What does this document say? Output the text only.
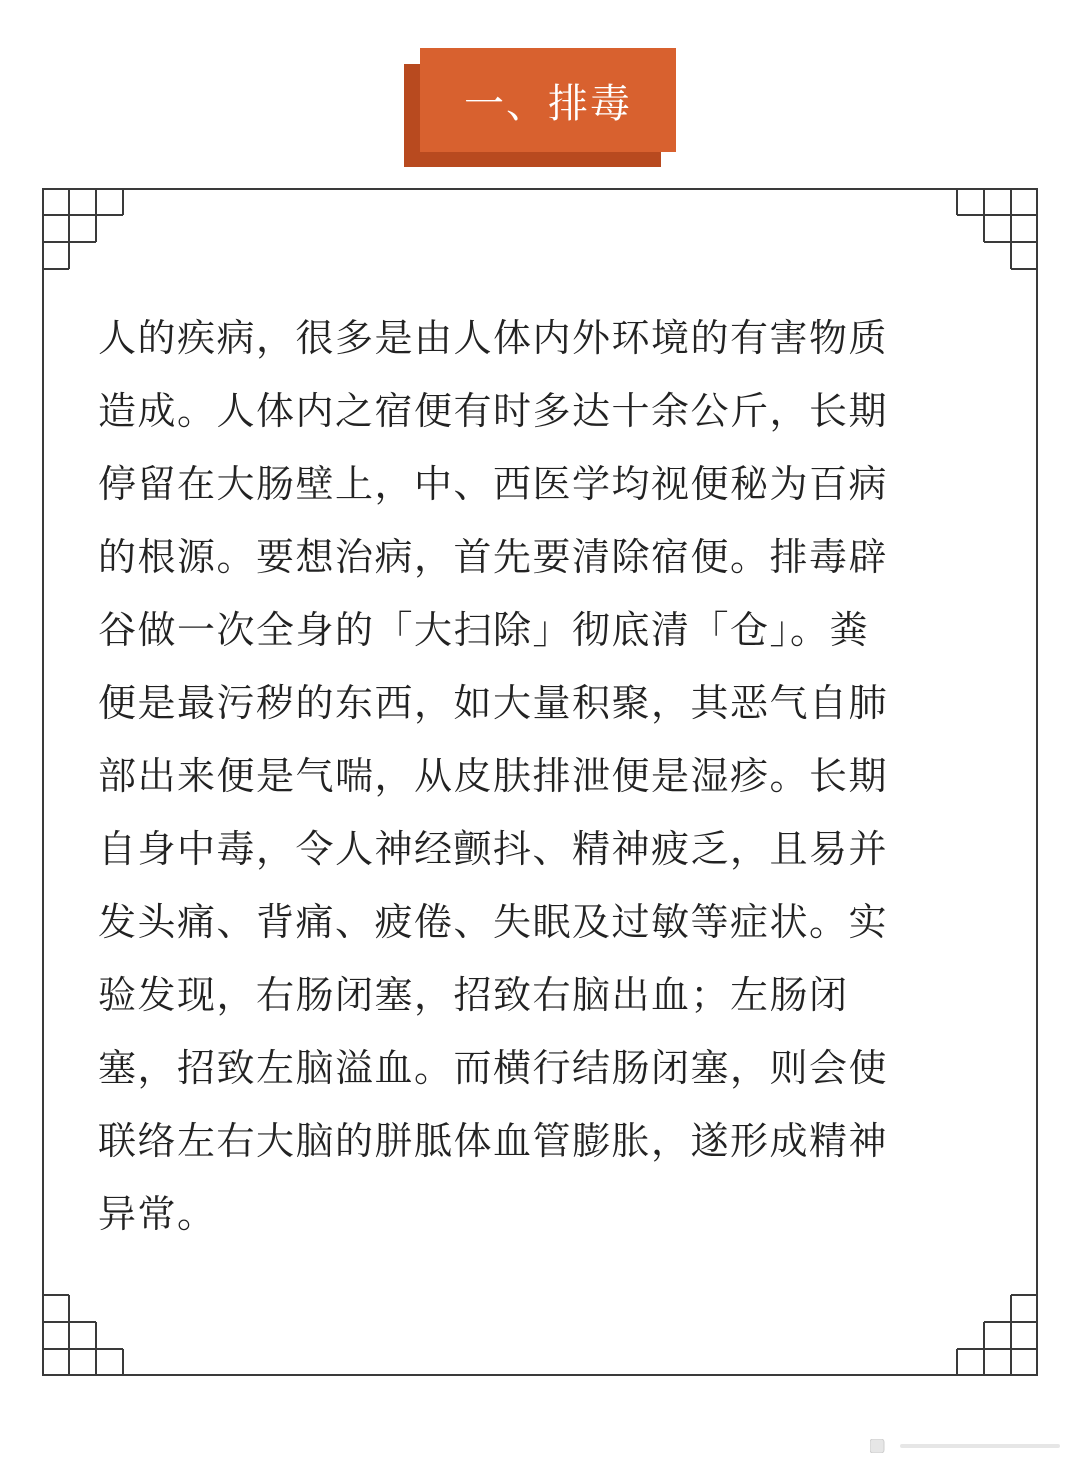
一、排毒
人的疾病，很多是由人体内外环境的有害物质
造成。人体内之宿便有时多达十余公斤，长期
停留在大肠壁上，中、西医学均视便秘为百病
的根源。要想治病，首先要清除宿便。排毒辟
谷做一次全身的「大扫除」彻底清「仓」。粪
便是最污秽的东西，如大量积聚，其恶气自肺
部出来便是气喘，从皮肤排泄便是湿疹。长期
自身中毒，令人神经颤抖、精神疲乏，且易并
发头痛、背痛、疲倦、失眠及过敏等症状。实
验发现，右肠闭塞，招致右脑出血；左肠闭
塞，招致左脑溢血。而横行结肠闭塞，则会使
联络左右大脑的胼胝体血管膨胀，遂形成精神
异常。
